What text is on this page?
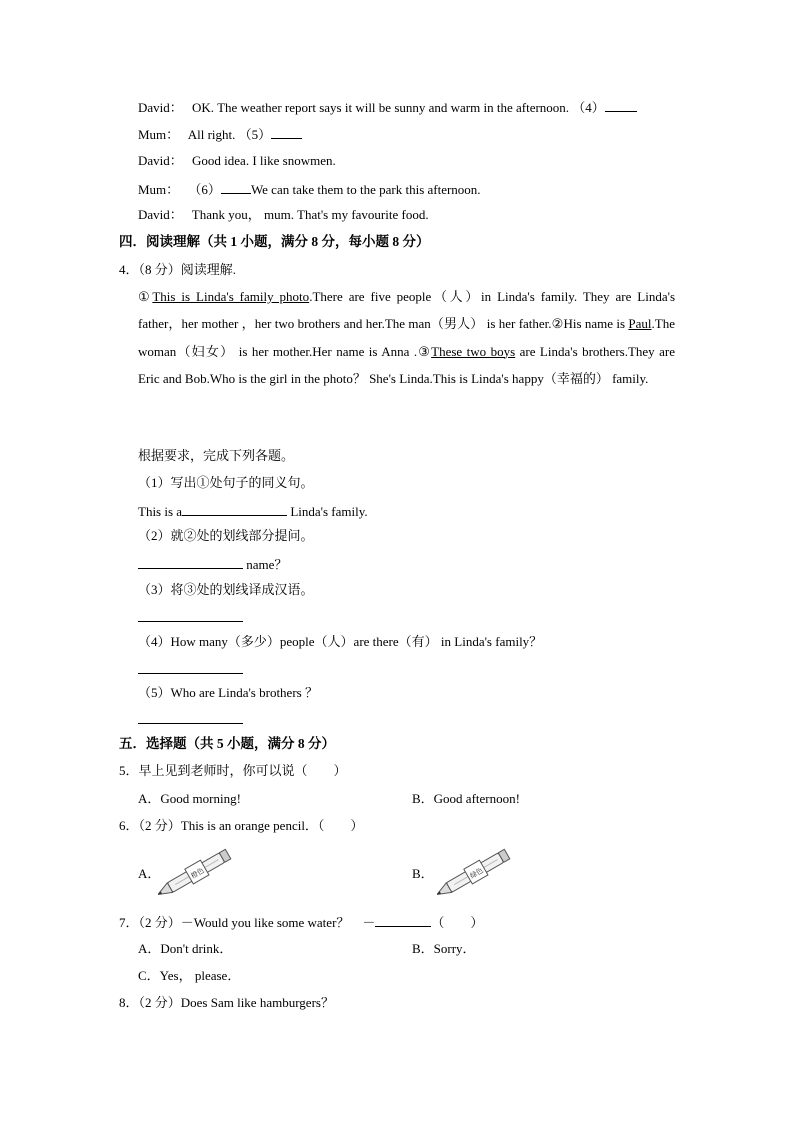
David： OK. The weather report says it will be sunny and warm in the afternoon. （4）
Mum： All right. （5）
David： Good idea. I like snowmen.
Mum： （6） We can take them to the park this afternoon.
David： Thank you， mum. That's my favourite food.
四．阅读理解（共 1 小题，满分 8 分，每小题 8 分）
4．（8 分）阅读理解.
①This is Linda's family photo.There are five people（人）in Linda's family. They are Linda's father，her mother ，her two brothers and her.The man（男人） is her father.②His name is Paul.The woman（妇女） is her mother.Her name is Anna .③These two boys are Linda's brothers.They are Eric and Bob.Who is the girl in the photo？ She's Linda.This is Linda's happy（幸福的） family.
根据要求，完成下列各题。
（1）写出①处句子的同义句。
This is a	Linda's family.
（2）就②处的划线部分提问。
name？
（3）将③处的划线译成汉语。
（4）How many（多少）people（人）are there（有） in Linda's family？
（5）Who are Linda's brothers ？
五．选择题（共 5 小题，满分 8 分）
5．早上见到老师时，你可以说（　　）
A．Good morning!	B．Good afternoon!
6．（2 分）This is an orange pencil．（　　）
A．	橙色	B．	绿色
7．（2 分）－Would you like some water？　－	（　　）
A．Don't drink．	B．Sorry．
C．Yes， please．
8．（2 分）Does Sam like hamburgers？
